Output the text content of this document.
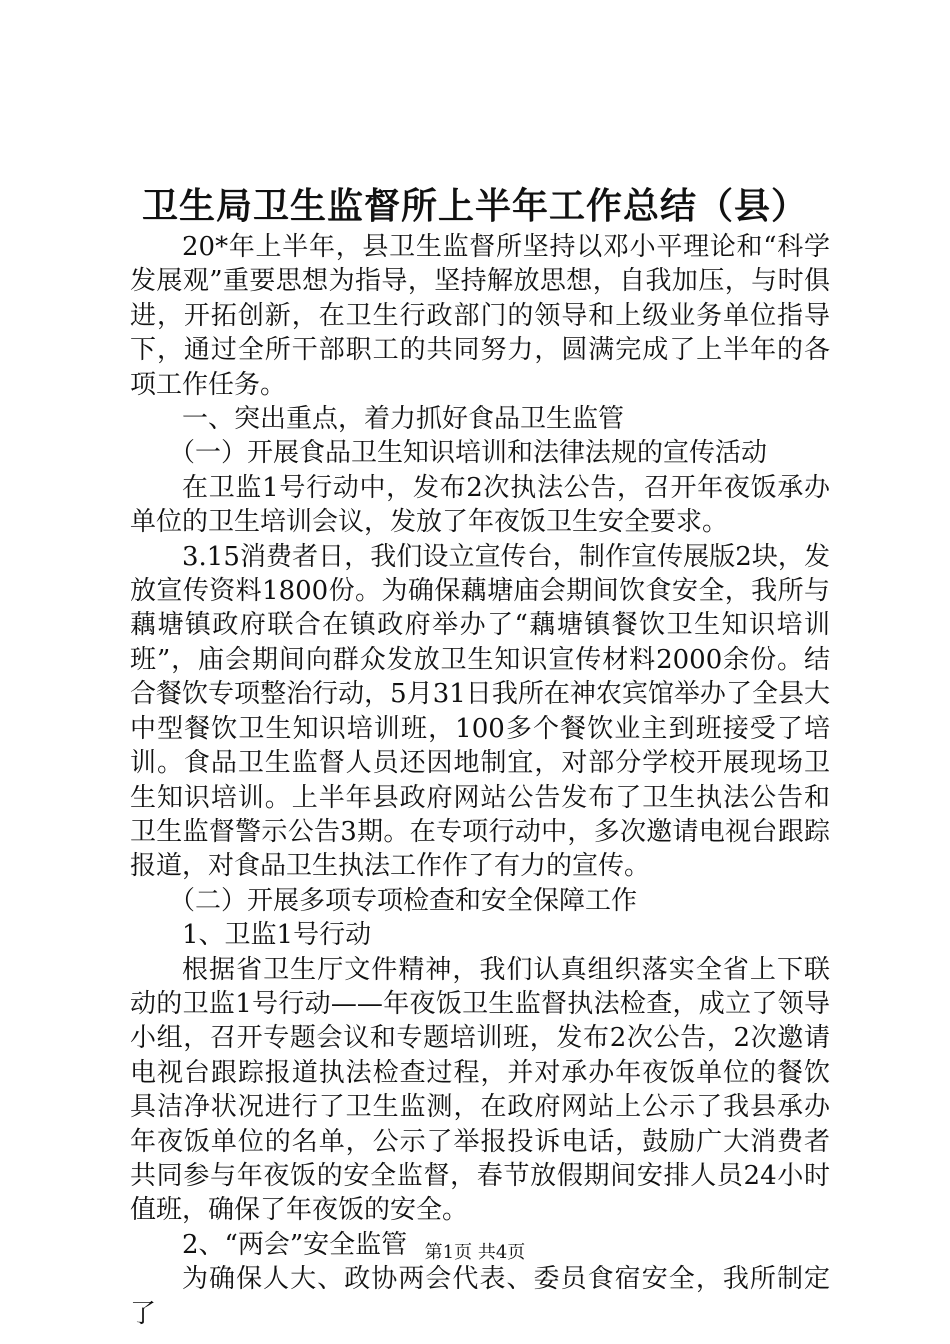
卫生局卫生监督所上半年工作总结（县）

20*年上半年，县卫生监督所坚持以邓小平理论和“科学发展观”重要思想为指导，坚持解放思想，自我加压，与时俱进，开拓创新，在卫生行政部门的领导和上级业务单位指导下，通过全所干部职工的共同努力，圆满完成了上半年的各项工作任务。

一、突出重点，着力抓好食品卫生监管

（一）开展食品卫生知识培训和法律法规的宣传活动

在卫监1号行动中，发布2次执法公告，召开年夜饭承办单位的卫生培训会议，发放了年夜饭卫生安全要求。

3.15消费者日，我们设立宣传台，制作宣传展版2块，发放宣传资料1800份。为确保藕塘庙会期间饮食安全，我所与藕塘镇政府联合在镇政府举办了“藕塘镇餐饮卫生知识培训班”，庙会期间向群众发放卫生知识宣传材料2000余份。结合餐饮专项整治行动，5月31日我所在神农宾馆举办了全县大中型餐饮卫生知识培训班，100多个餐饮业主到班接受了培训。食品卫生监督人员还因地制宜，对部分学校开展现场卫生知识培训。上半年县政府网站公告发布了卫生执法公告和卫生监督警示公告3期。在专项行动中，多次邀请电视台跟踪报道，对食品卫生执法工作作了有力的宣传。

（二）开展多项专项检查和安全保障工作

1、卫监1号行动

根据省卫生厅文件精神，我们认真组织落实全省上下联动的卫监1号行动——年夜饭卫生监督执法检查，成立了领导小组，召开专题会议和专题培训班，发布2次公告，2次邀请电视台跟踪报道执法检查过程，并对承办年夜饭单位的餐饮具洁净状况进行了卫生监测，在政府网站上公示了我县承办年夜饭单位的名单，公示了举报投诉电话，鼓励广大消费者共同参与年夜饭的安全监督，春节放假期间安排人员24小时值班，确保了年夜饭的安全。

2、“两会”安全监管

为确保人大、政协两会代表、委员食宿安全，我所制定了

第1页 共4页
